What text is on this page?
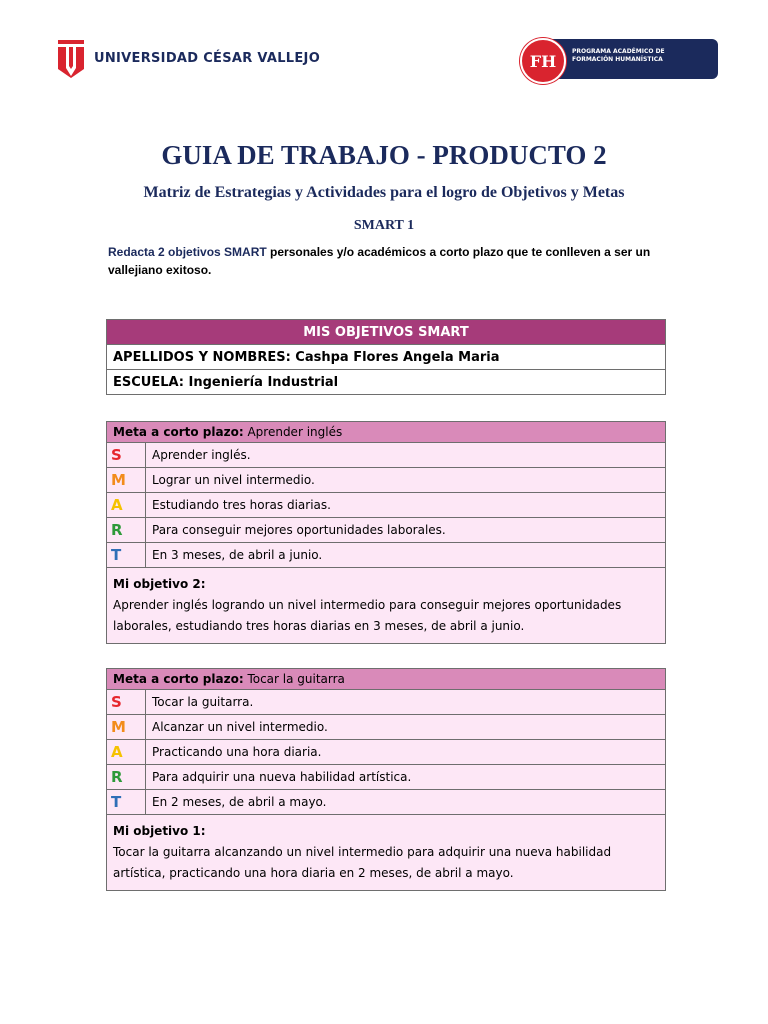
UNIVERSIDAD CÉSAR VALLEJO	FH	PROGRAMA ACADÉMICO DE
FORMACIÓN HUMANÍSTICA
GUIA DE TRABAJO - PRODUCTO 2
Matriz de Estrategias y Actividades para el logro de Objetivos y Metas
SMART 1
Redacta 2 objetivos SMART personales y/o académicos a corto plazo que te conlleven a ser un vallejiano exitoso.
MIS OBJETIVOS SMART
APELLIDOS Y NOMBRES: Cashpa Flores Angela Maria
ESCUELA: Ingeniería Industrial
Meta a corto plazo: Aprender inglés	
S	Aprender inglés.
M	Lograr un nivel intermedio.
A	Estudiando tres horas diarias.
R	Para conseguir mejores oportunidades laborales.
T	En 3 meses, de abril a junio.
Mi objetivo 2:
Aprender inglés logrando un nivel intermedio para conseguir mejores oportunidades laborales, estudiando tres horas diarias en 3 meses, de abril a junio.	
Meta a corto plazo: Tocar la guitarra	
S	Tocar la guitarra.
M	Alcanzar un nivel intermedio.
A	Practicando una hora diaria.
R	Para adquirir una nueva habilidad artística.
T	En 2 meses, de abril a mayo.
Mi objetivo 1:
Tocar la guitarra alcanzando un nivel intermedio para adquirir una nueva habilidad artística, practicando una hora diaria en 2 meses, de abril a mayo.	
